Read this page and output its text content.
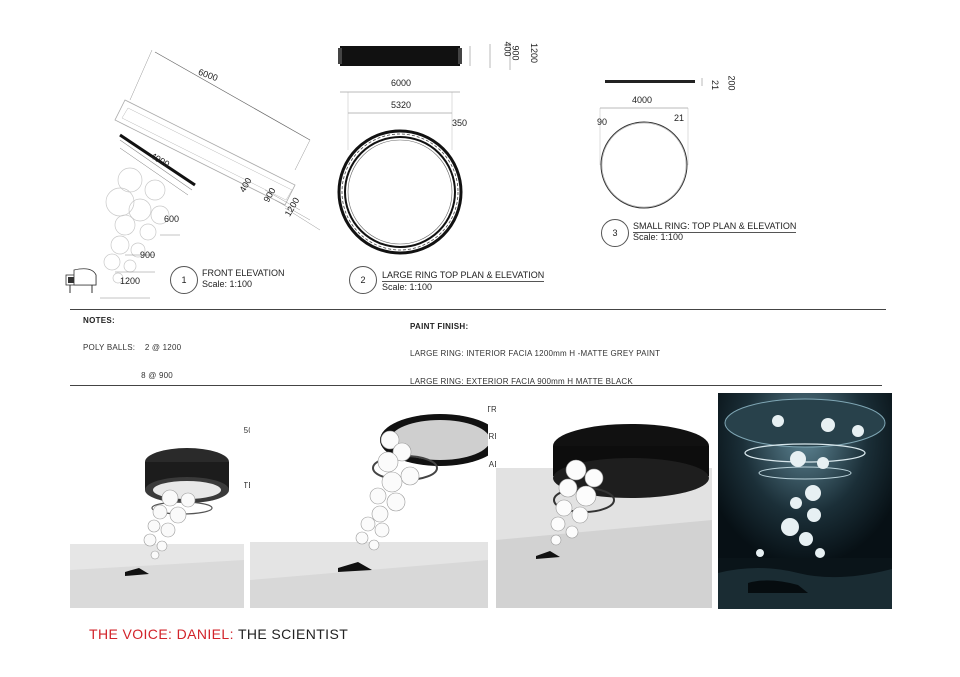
6000
4000
400
900
1200
600
900
1200	1
FRONT ELEVATION
Scale: 1:100
400
900 1200
6000
5320
350
2	LARGE RING TOP PLAN & ELEVATION
Scale: 1:100
21 200
4000
90	21
3
SMALL RING: TOP PLAN & ELEVATION
Scale: 1:100
NOTES:

POLY BALLS:    2 @ 1200

8 @ 900

PAINT FINISH:

LARGE RING: INTERIOR FACIA 1200mm H -MATTE GREY PAINT

LARGE RING: EXTERIOR FACIA 900mm H MATTE BLACK

GRADED

THE VOICE: DANIEL: THE SCIENTIST
